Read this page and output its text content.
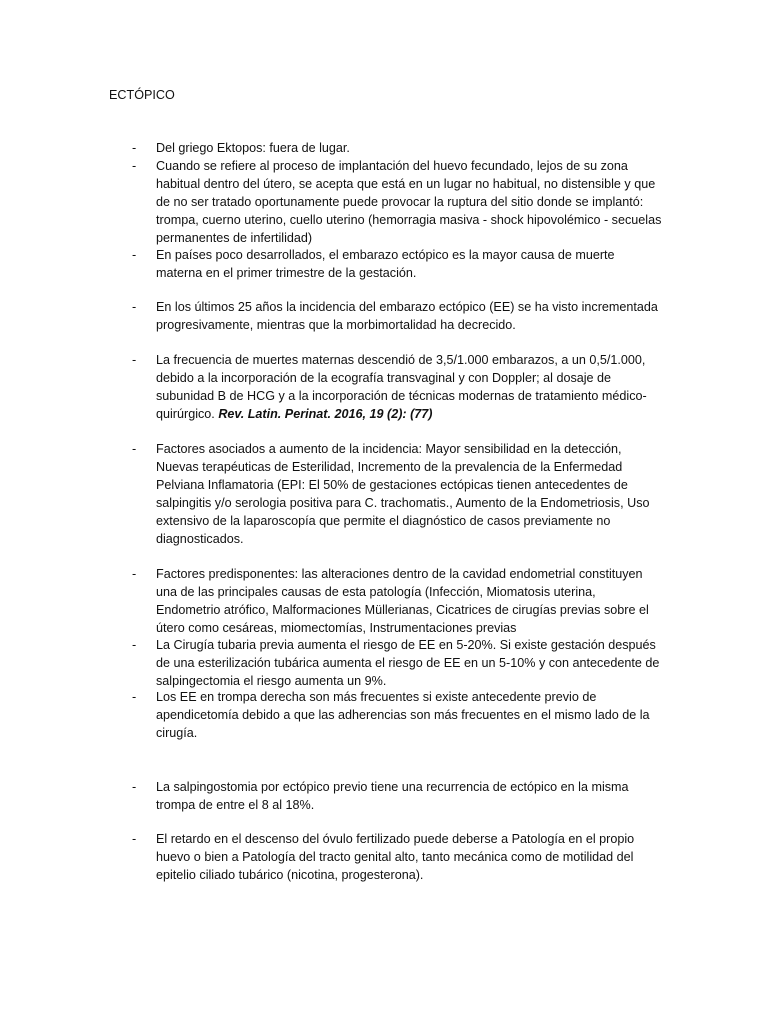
ECTÓPICO
- Del griego Ektopos: fuera de lugar.
- Cuando se refiere al proceso de implantación del huevo fecundado, lejos de su zona habitual dentro del útero, se acepta que está en un lugar no habitual, no distensible y que de no ser tratado oportunamente puede provocar la ruptura del sitio donde se implantó: trompa, cuerno uterino, cuello uterino (hemorragia masiva - shock hipovolémico - secuelas permanentes de infertilidad)
- En países poco desarrollados, el embarazo ectópico es la mayor causa de muerte materna en el primer trimestre de la gestación.
- En los últimos 25 años la incidencia del embarazo ectópico (EE) se ha visto incrementada progresivamente, mientras que la morbimortalidad ha decrecido.
- La frecuencia de muertes maternas descendió de 3,5/1.000 embarazos, a un 0,5/1.000, debido a la incorporación de la ecografía transvaginal y con Doppler; al dosaje de subunidad B de HCG y a la incorporación de técnicas modernas de tratamiento médico-quirúrgico. Rev. Latin. Perinat. 2016, 19 (2): (77)
- Factores asociados a aumento de la incidencia: Mayor sensibilidad en la detección, Nuevas terapéuticas de Esterilidad, Incremento de la prevalencia de la Enfermedad Pelviana Inflamatoria (EPI: El 50% de gestaciones ectópicas tienen antecedentes de salpingitis y/o serologia positiva para C. trachomatis., Aumento de la Endometriosis, Uso extensivo de la laparoscopía que permite el diagnóstico de casos previamente no diagnosticados.
- Factores predisponentes: las alteraciones dentro de la cavidad endometrial constituyen una de las principales causas de esta patología (Infección, Miomatosis uterina, Endometrio atrófico, Malformaciones Müllerianas, Cicatrices de cirugías previas sobre el útero como cesáreas, miomectomías, Instrumentaciones previas
- La Cirugía tubaria previa aumenta el riesgo de EE en 5-20%. Si existe gestación después de una esterilización tubárica aumenta el riesgo de EE en un 5-10% y con antecedente de salpingectomia el riesgo aumenta un 9%.
- Los EE en trompa derecha son más frecuentes si existe antecedente previo de apendicetomía debido a que las adherencias son más frecuentes en el mismo lado de la cirugía.
- La salpingostomia por ectópico previo tiene una recurrencia de ectópico en la misma trompa de entre el 8 al 18%.
- El retardo en el descenso del óvulo fertilizado puede deberse a Patología en el propio huevo o bien a Patología del tracto genital alto, tanto mecánica como de motilidad del epitelio ciliado tubárico (nicotina, progesterona).
